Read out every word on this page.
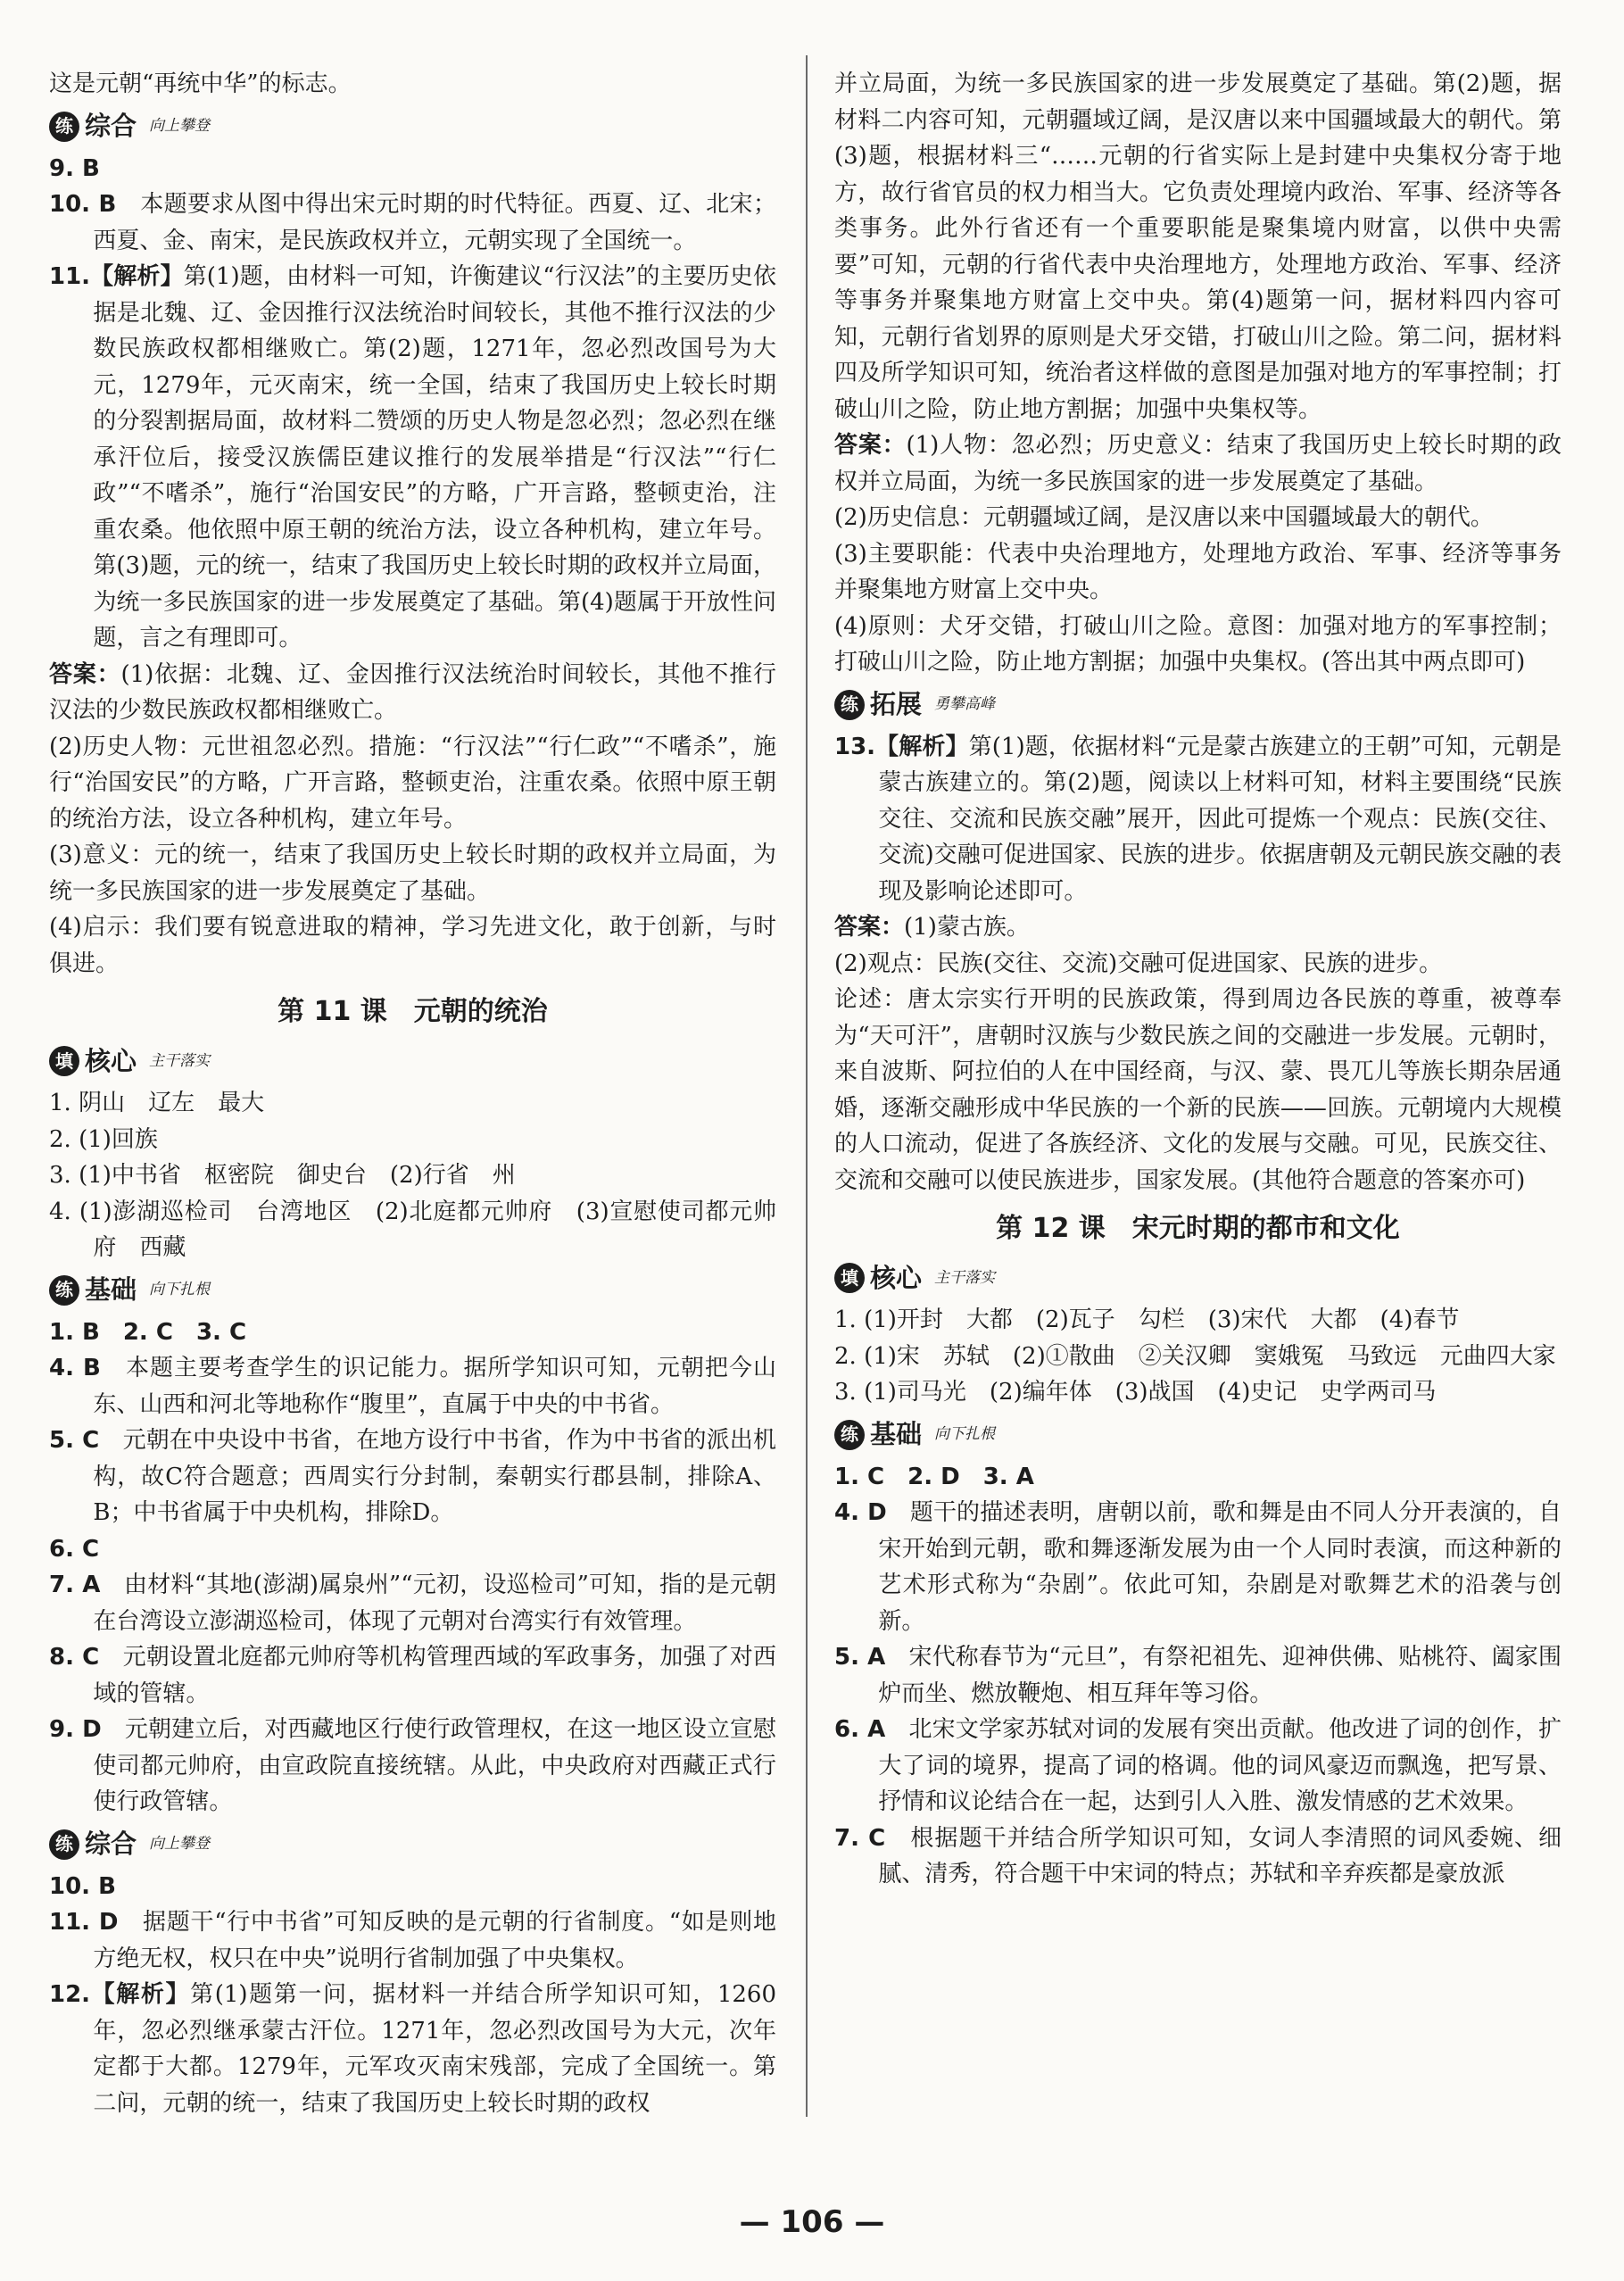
这是元朝“再统中华”的标志。

练 综合 向上攀登

9. B

10. B　 本题要求从图中得出宋元时期的时代特征。西夏、辽、北宋；西夏、金、南宋，是民族政权并立，元朝实现了全国统一。

11.【解析】第(1)题，由材料一可知，许衡建议“行汉法”的主要历史依据是北魏、辽、金因推行汉法统治时间较长，其他不推行汉法的少数民族政权都相继败亡。第(2)题，1271年，忽必烈改国号为大元，1279年，元灭南宋，统一全国，结束了我国历史上较长时期的分裂割据局面，故材料二赞颂的历史人物是忽必烈；忽必烈在继承汗位后，接受汉族儒臣建议推行的发展举措是“行汉法”“行仁政”“不嗜杀”，施行“治国安民”的方略，广开言路，整顿吏治，注重农桑。他依照中原王朝的统治方法，设立各种机构，建立年号。第(3)题，元的统一，结束了我国历史上较长时期的政权并立局面，为统一多民族国家的进一步发展奠定了基础。第(4)题属于开放性问题，言之有理即可。

答案：(1)依据：北魏、辽、金因推行汉法统治时间较长，其他不推行汉法的少数民族政权都相继败亡。

(2)历史人物：元世祖忽必烈。措施：“行汉法”“行仁政”“不嗜杀”，施行“治国安民”的方略，广开言路，整顿吏治，注重农桑。依照中原王朝的统治方法，设立各种机构，建立年号。

(3)意义：元的统一，结束了我国历史上较长时期的政权并立局面，为统一多民族国家的进一步发展奠定了基础。

(4)启示：我们要有锐意进取的精神，学习先进文化，敢于创新，与时俱进。

第 11 课　元朝的统治
填 核心 主干落实

1. 阴山　辽左　最大

2. (1)回族

3. (1)中书省　枢密院　御史台　(2)行省　州

4. (1)澎湖巡检司　台湾地区　(2)北庭都元帅府　(3)宣慰使司都元帅府　西藏

练 基础 向下扎根

1. B　2. C　3. C

4. B　 本题主要考查学生的识记能力。据所学知识可知，元朝把今山东、山西和河北等地称作“腹里”，直属于中央的中书省。

5. C　 元朝在中央设中书省，在地方设行中书省，作为中书省的派出机构，故C符合题意；西周实行分封制，秦朝实行郡县制，排除A、B；中书省属于中央机构，排除D。

6. C

7. A　 由材料“其地(澎湖)属泉州”“元初，设巡检司”可知，指的是元朝在台湾设立澎湖巡检司，体现了元朝对台湾实行有效管理。

8. C　 元朝设置北庭都元帅府等机构管理西域的军政事务，加强了对西域的管辖。

9. D　 元朝建立后，对西藏地区行使行政管理权，在这一地区设立宣慰使司都元帅府，由宣政院直接统辖。从此，中央政府对西藏正式行使行政管辖。

练 综合 向上攀登

10. B

11. D　 据题干“行中书省”可知反映的是元朝的行省制度。“如是则地方绝无权，权只在中央”说明行省制加强了中央集权。

12.【解析】第(1)题第一问，据材料一并结合所学知识可知，1260年，忽必烈继承蒙古汗位。1271年，忽必烈改国号为大元，次年定都于大都。1279年，元军攻灭南宋残部，完成了全国统一。第二问，元朝的统一，结束了我国历史上较长时期的政权

并立局面，为统一多民族国家的进一步发展奠定了基础。第(2)题，据材料二内容可知，元朝疆域辽阔，是汉唐以来中国疆域最大的朝代。第(3)题，根据材料三“……元朝的行省实际上是封建中央集权分寄于地方，故行省官员的权力相当大。它负责处理境内政治、军事、经济等各类事务。此外行省还有一个重要职能是聚集境内财富，以供中央需要”可知，元朝的行省代表中央治理地方，处理地方政治、军事、经济等事务并聚集地方财富上交中央。第(4)题第一问，据材料四内容可知，元朝行省划界的原则是犬牙交错，打破山川之险。第二问，据材料四及所学知识可知，统治者这样做的意图是加强对地方的军事控制；打破山川之险，防止地方割据；加强中央集权等。

答案：(1)人物：忽必烈；历史意义：结束了我国历史上较长时期的政权并立局面，为统一多民族国家的进一步发展奠定了基础。

(2)历史信息：元朝疆域辽阔，是汉唐以来中国疆域最大的朝代。

(3)主要职能：代表中央治理地方，处理地方政治、军事、经济等事务并聚集地方财富上交中央。

(4)原则：犬牙交错，打破山川之险。意图：加强对地方的军事控制；打破山川之险，防止地方割据；加强中央集权。(答出其中两点即可)

练 拓展 勇攀高峰

13.【解析】第(1)题，依据材料“元是蒙古族建立的王朝”可知，元朝是蒙古族建立的。第(2)题，阅读以上材料可知，材料主要围绕“民族交往、交流和民族交融”展开，因此可提炼一个观点：民族(交往、交流)交融可促进国家、民族的进步。依据唐朝及元朝民族交融的表现及影响论述即可。

答案：(1)蒙古族。

(2)观点：民族(交往、交流)交融可促进国家、民族的进步。

论述：唐太宗实行开明的民族政策，得到周边各民族的尊重，被尊奉为“天可汗”，唐朝时汉族与少数民族之间的交融进一步发展。元朝时，来自波斯、阿拉伯的人在中国经商，与汉、蒙、畏兀儿等族长期杂居通婚，逐渐交融形成中华民族的一个新的民族——回族。元朝境内大规模的人口流动，促进了各族经济、文化的发展与交融。可见，民族交往、交流和交融可以使民族进步，国家发展。(其他符合题意的答案亦可)

第 12 课　宋元时期的都市和文化
填 核心 主干落实

1. (1)开封　大都　(2)瓦子　勾栏　(3)宋代　大都　(4)春节

2. (1)宋　苏轼　(2)①散曲　②关汉卿　窦娥冤　马致远　元曲四大家

3. (1)司马光　(2)编年体　(3)战国　(4)史记　史学两司马

练 基础 向下扎根

1. C　2. D　3. A

4. D　 题干的描述表明，唐朝以前，歌和舞是由不同人分开表演的，自宋开始到元朝，歌和舞逐渐发展为由一个人同时表演，而这种新的艺术形式称为“杂剧”。依此可知，杂剧是对歌舞艺术的沿袭与创新。

5. A　 宋代称春节为“元旦”，有祭祀祖先、迎神供佛、贴桃符、阖家围炉而坐、燃放鞭炮、相互拜年等习俗。

6. A　 北宋文学家苏轼对词的发展有突出贡献。他改进了词的创作，扩大了词的境界，提高了词的格调。他的词风豪迈而飘逸，把写景、抒情和议论结合在一起，达到引人入胜、激发情感的艺术效果。

7. C　 根据题干并结合所学知识可知，女词人李清照的词风委婉、细腻、清秀，符合题干中宋词的特点；苏轼和辛弃疾都是豪放派

— 106 —
